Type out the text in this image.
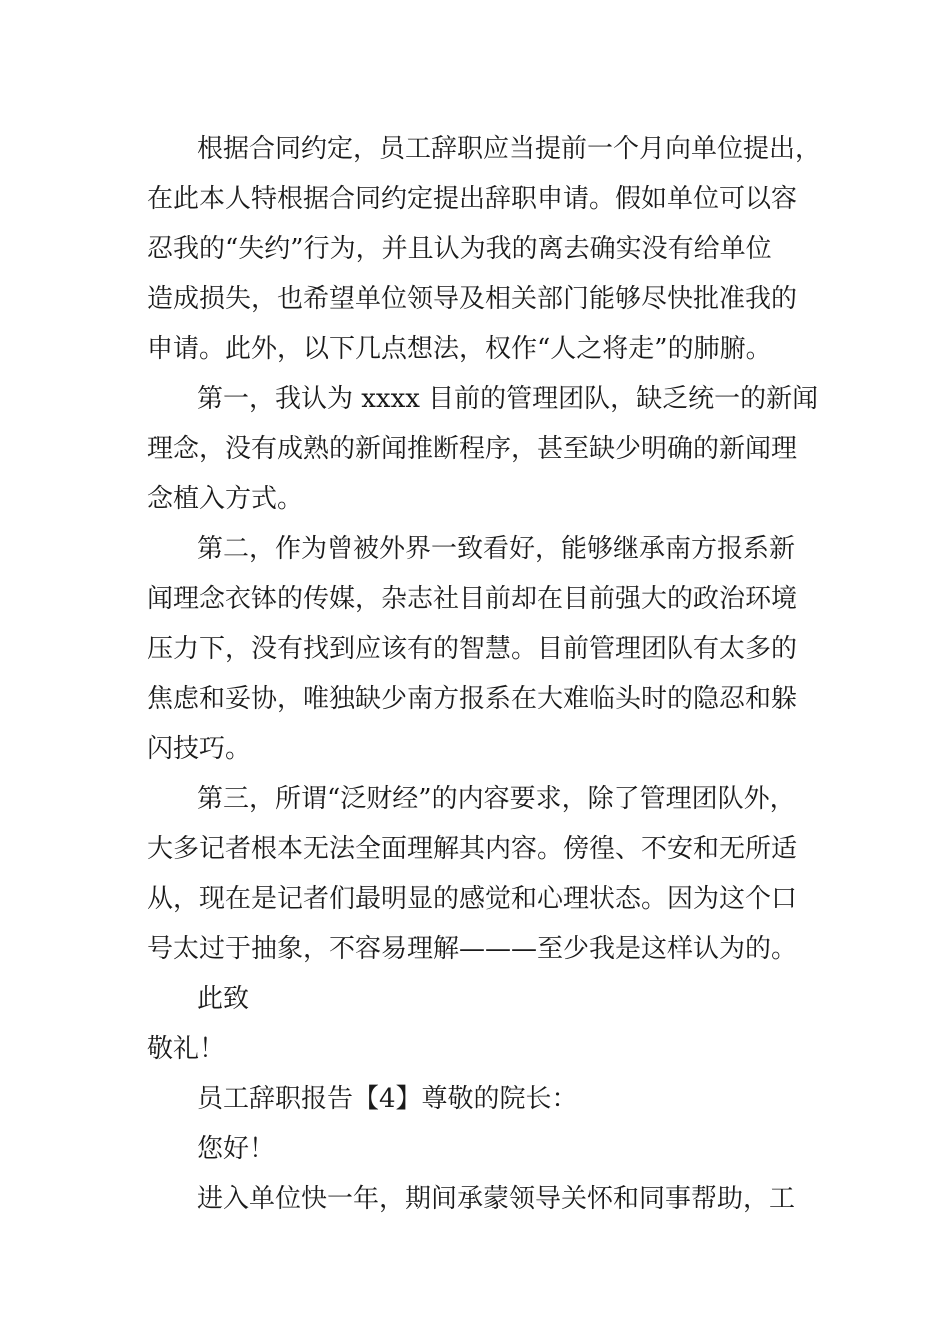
根据合同约定，员工辞职应当提前一个月向单位提出，
在此本人特根据合同约定提出辞职申请。假如单位可以容
忍我的“失约”行为，并且认为我的离去确实没有给单位
造成损失，也希望单位领导及相关部门能够尽快批准我的
申请。此外，以下几点想法，权作“人之将走”的肺腑。
第一，我认为 xxxx 目前的管理团队，缺乏统一的新闻
理念，没有成熟的新闻推断程序，甚至缺少明确的新闻理
念植入方式。
第二，作为曾被外界一致看好，能够继承南方报系新
闻理念衣钵的传媒，杂志社目前却在目前强大的政治环境
压力下，没有找到应该有的智慧。目前管理团队有太多的
焦虑和妥协，唯独缺少南方报系在大难临头时的隐忍和躲
闪技巧。
第三，所谓“泛财经”的内容要求，除了管理团队外，
大多记者根本无法全面理解其内容。傍徨、不安和无所适
从，现在是记者们最明显的感觉和心理状态。因为这个口
号太过于抽象，不容易理解———至少我是这样认为的。
此致
敬礼！
员工辞职报告【4】尊敬的院长：
您好！
进入单位快一年，期间承蒙领导关怀和同事帮助，工
